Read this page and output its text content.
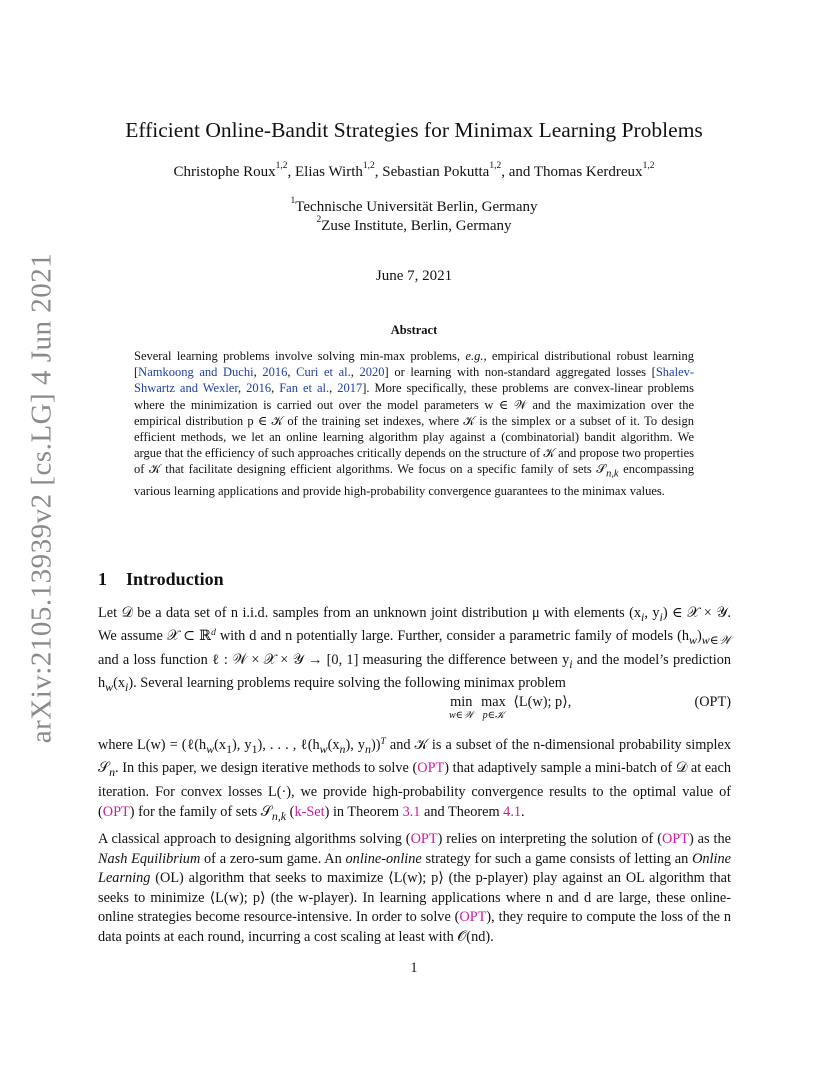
arXiv:2105.13939v2 [cs.LG] 4 Jun 2021
Efficient Online-Bandit Strategies for Minimax Learning Problems
Christophe Roux$^{1,2}$, Elias Wirth$^{1,2}$, Sebastian Pokutta$^{1,2}$, and Thomas Kerdreux$^{1,2}$
$^1$Technische Universität Berlin, Germany
$^2$Zuse Institute, Berlin, Germany
June 7, 2021
Abstract
Several learning problems involve solving min-max problems, e.g., empirical distributional robust learning [Namkoong and Duchi, 2016, Curi et al., 2020] or learning with non-standard aggregated losses [Shalev-Shwartz and Wexler, 2016, Fan et al., 2017]. More specifically, these problems are convex-linear problems where the minimization is carried out over the model parameters w ∈ 𝒲 and the maximization over the empirical distribution p ∈ 𝒦 of the training set indexes, where 𝒦 is the simplex or a subset of it. To design efficient methods, we let an online learning algorithm play against a (combinatorial) bandit algorithm. We argue that the efficiency of such approaches critically depends on the structure of 𝒦 and propose two properties of 𝒦 that facilitate designing efficient algorithms. We focus on a specific family of sets 𝒮$_{n,k}$ encompassing various learning applications and provide high-probability convergence guarantees to the minimax values.
1 Introduction
Let 𝒟 be a data set of n i.i.d. samples from an unknown joint distribution μ with elements ($x_i$, $y_i$) ∈ 𝒳 × 𝒴. We assume 𝒳 ⊂ ℝ$^d$ with d and n potentially large. Further, consider a parametric family of models $(h_w)_{w\in 𝒲}$ and a loss function ℓ : 𝒲 × 𝒳 × 𝒴 → [0, 1] measuring the difference between $y_i$ and the model’s prediction $h_w(x_i)$. Several learning problems require solving the following minimax problem
min
w∈𝒲
max
p∈𝒦
⟨L(w); p⟩,	(OPT)
where $L(w) = (\ell(h_w(x_1)$, $y_1$), . . . , $\ell(h_w(x_n)$, $y_n))^T$ and 𝒦 is a subset of the n-dimensional probability simplex 𝒮$_n$. In this paper, we design iterative methods to solve (OPT) that adaptively sample a mini-batch of 𝒟 at each iteration. For convex losses L(·), we provide high-probability convergence results to the optimal value of (OPT) for the family of sets 𝒮$_{n,k}$ (k-Set) in Theorem 3.1 and Theorem 4.1.
A classical approach to designing algorithms solving (OPT) relies on interpreting the solution of (OPT) as the Nash Equilibrium of a zero-sum game. An online-online strategy for such a game consists of letting an Online Learning (OL) algorithm that seeks to maximize ⟨L(w); p⟩ (the p-player) play against an OL algorithm that seeks to minimize ⟨L(w); p⟩ (the w-player). In learning applications where n and d are large, these online-online strategies become resource-intensive. In order to solve (OPT), they require to compute the loss of the n data points at each round, incurring a cost scaling at least with 𝒪(nd).
1
